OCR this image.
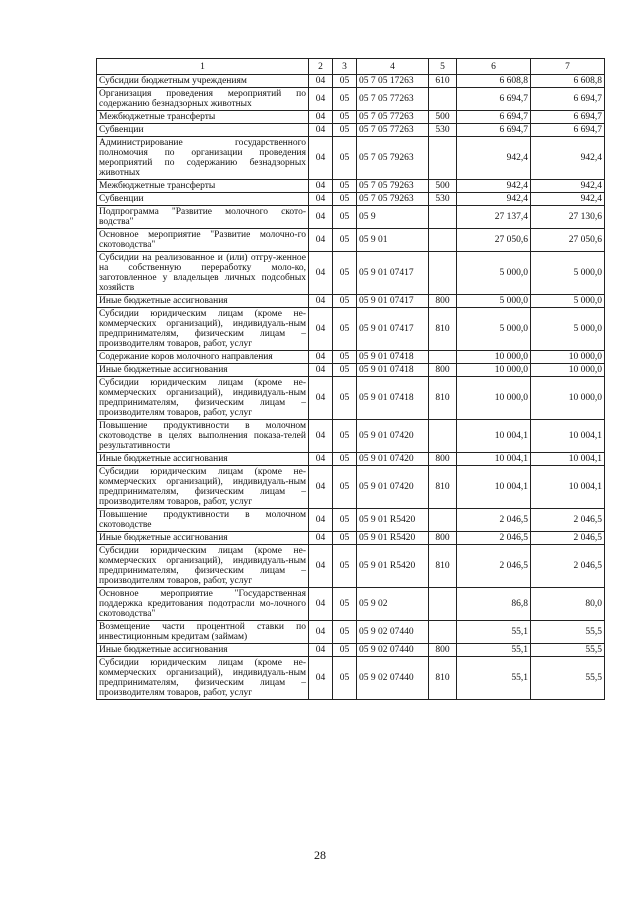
1	2	3	4	5	6	7
Субсидии бюджетным учреждениям	04	05	05 7 05 17263	610	6 608,8	6 608,8
Организация проведения мероприятий по содержанию безнадзорных животных	04	05	05 7 05 77263		6 694,7	6 694,7
Межбюджетные трансферты	04	05	05 7 05 77263	500	6 694,7	6 694,7
Субвенции	04	05	05 7 05 77263	530	6 694,7	6 694,7
Администрирование государственного полномочия по организации проведения мероприятий по содержанию безнадзорных животных	04	05	05 7 05 79263		942,4	942,4
Межбюджетные трансферты	04	05	05 7 05 79263	500	942,4	942,4
Субвенции	04	05	05 7 05 79263	530	942,4	942,4
Подпрограмма "Развитие молочного ското-водства"	04	05	05 9		27 137,4	27 130,6
Основное мероприятие "Развитие молочно-го скотоводства"	04	05	05 9 01		27 050,6	27 050,6
Субсидии на реализованное и (или) отгру-женное на собственную переработку моло-ко, заготовленное у владельцев личных подсобных хозяйств	04	05	05 9 01 07417		5 000,0	5 000,0
Иные бюджетные ассигнования	04	05	05 9 01 07417	800	5 000,0	5 000,0
Субсидии юридическим лицам (кроме не-коммерческих организаций), индивидуаль-ным предпринимателям, физическим лицам – производителям товаров, работ, услуг	04	05	05 9 01 07417	810	5 000,0	5 000,0
Содержание коров молочного направления	04	05	05 9 01 07418		10 000,0	10 000,0
Иные бюджетные ассигнования	04	05	05 9 01 07418	800	10 000,0	10 000,0
Субсидии юридическим лицам (кроме не-коммерческих организаций), индивидуаль-ным предпринимателям, физическим лицам – производителям товаров, работ, услуг	04	05	05 9 01 07418	810	10 000,0	10 000,0
Повышение продуктивности в молочном скотоводстве в целях выполнения показа-телей результативности	04	05	05 9 01 07420		10 004,1	10 004,1
Иные бюджетные ассигнования	04	05	05 9 01 07420	800	10 004,1	10 004,1
Субсидии юридическим лицам (кроме не-коммерческих организаций), индивидуаль-ным предпринимателям, физическим лицам – производителям товаров, работ, услуг	04	05	05 9 01 07420	810	10 004,1	10 004,1
Повышение продуктивности в молочном скотоводстве	04	05	05 9 01 R5420		2 046,5	2 046,5
Иные бюджетные ассигнования	04	05	05 9 01 R5420	800	2 046,5	2 046,5
Субсидии юридическим лицам (кроме не-коммерческих организаций), индивидуаль-ным предпринимателям, физическим лицам – производителям товаров, работ, услуг	04	05	05 9 01 R5420	810	2 046,5	2 046,5
Основное мероприятие "Государственная поддержка кредитования подотрасли мо-лочного скотоводства"	04	05	05 9 02		86,8	80,0
Возмещение части процентной ставки по инвестиционным кредитам (займам)	04	05	05 9 02 07440		55,1	55,5
Иные бюджетные ассигнования	04	05	05 9 02 07440	800	55,1	55,5
Субсидии юридическим лицам (кроме не-коммерческих организаций), индивидуаль-ным предпринимателям, физическим лицам – производителям товаров, работ, услуг	04	05	05 9 02 07440	810	55,1	55,5
28
